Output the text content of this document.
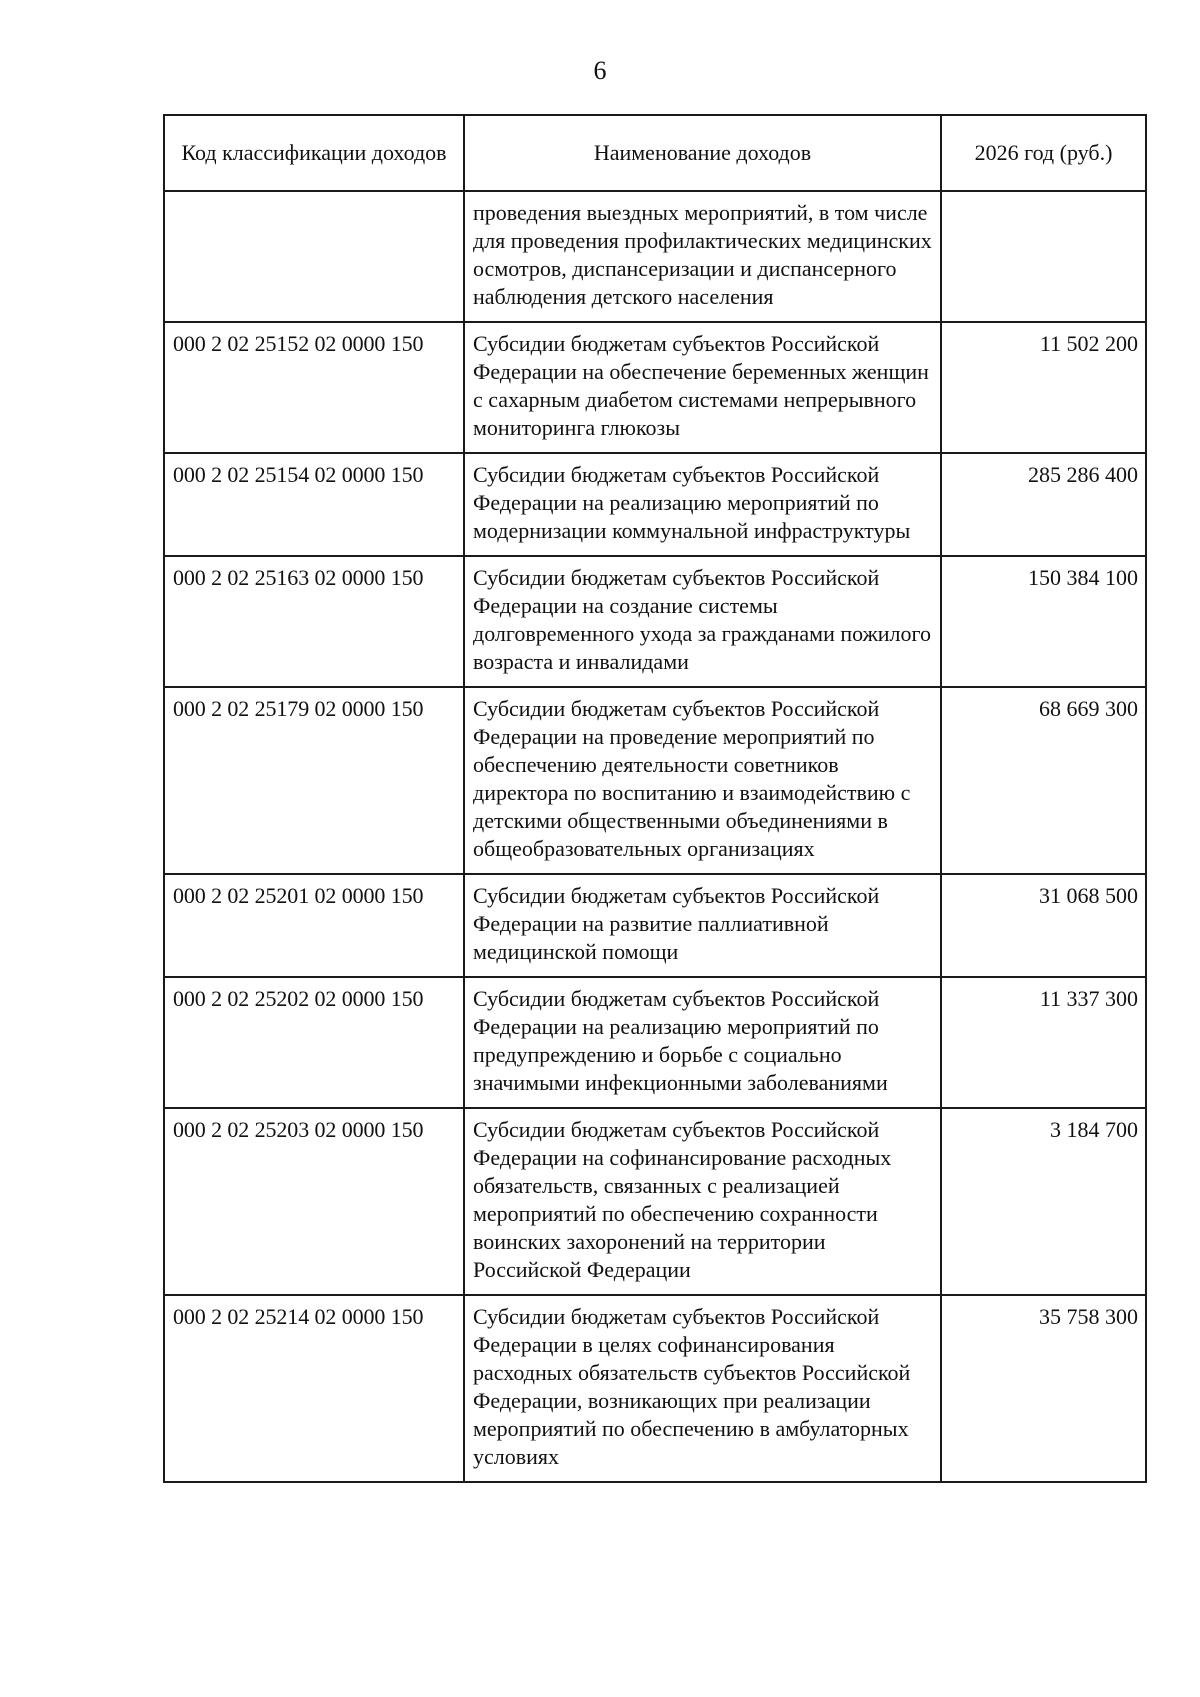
6
Код классификации доходов	Наименование доходов	2026 год (руб.)
	проведения выездных мероприятий, в том числе для проведения профилактических медицинских осмотров, диспансеризации и диспансерного наблюдения детского населения	
000 2 02 25152 02 0000 150	Субсидии бюджетам субъектов Российской Федерации на обеспечение беременных женщин с сахарным диабетом системами непрерывного мониторинга глюкозы	11 502 200
000 2 02 25154 02 0000 150	Субсидии бюджетам субъектов Российской Федерации на реализацию мероприятий по модернизации коммунальной инфраструктуры	285 286 400
000 2 02 25163 02 0000 150	Субсидии бюджетам субъектов Российской Федерации на создание системы долговременного ухода за гражданами пожилого возраста и инвалидами	150 384 100
000 2 02 25179 02 0000 150	Субсидии бюджетам субъектов Российской Федерации на проведение мероприятий по обеспечению деятельности советников директора по воспитанию и взаимодействию с детскими общественными объединениями в общеобразовательных организациях	68 669 300
000 2 02 25201 02 0000 150	Субсидии бюджетам субъектов Российской Федерации на развитие паллиативной медицинской помощи	31 068 500
000 2 02 25202 02 0000 150	Субсидии бюджетам субъектов Российской Федерации на реализацию мероприятий по предупреждению и борьбе с социально значимыми инфекционными заболеваниями	11 337 300
000 2 02 25203 02 0000 150	Субсидии бюджетам субъектов Российской Федерации на софинансирование расходных обязательств, связанных с реализацией мероприятий по обеспечению сохранности воинских захоронений на территории Российской Федерации	3 184 700
000 2 02 25214 02 0000 150	Субсидии бюджетам субъектов Российской Федерации в целях софинансирования расходных обязательств субъектов Российской Федерации, возникающих при реализации мероприятий по обеспечению в амбулаторных условиях	35 758 300
